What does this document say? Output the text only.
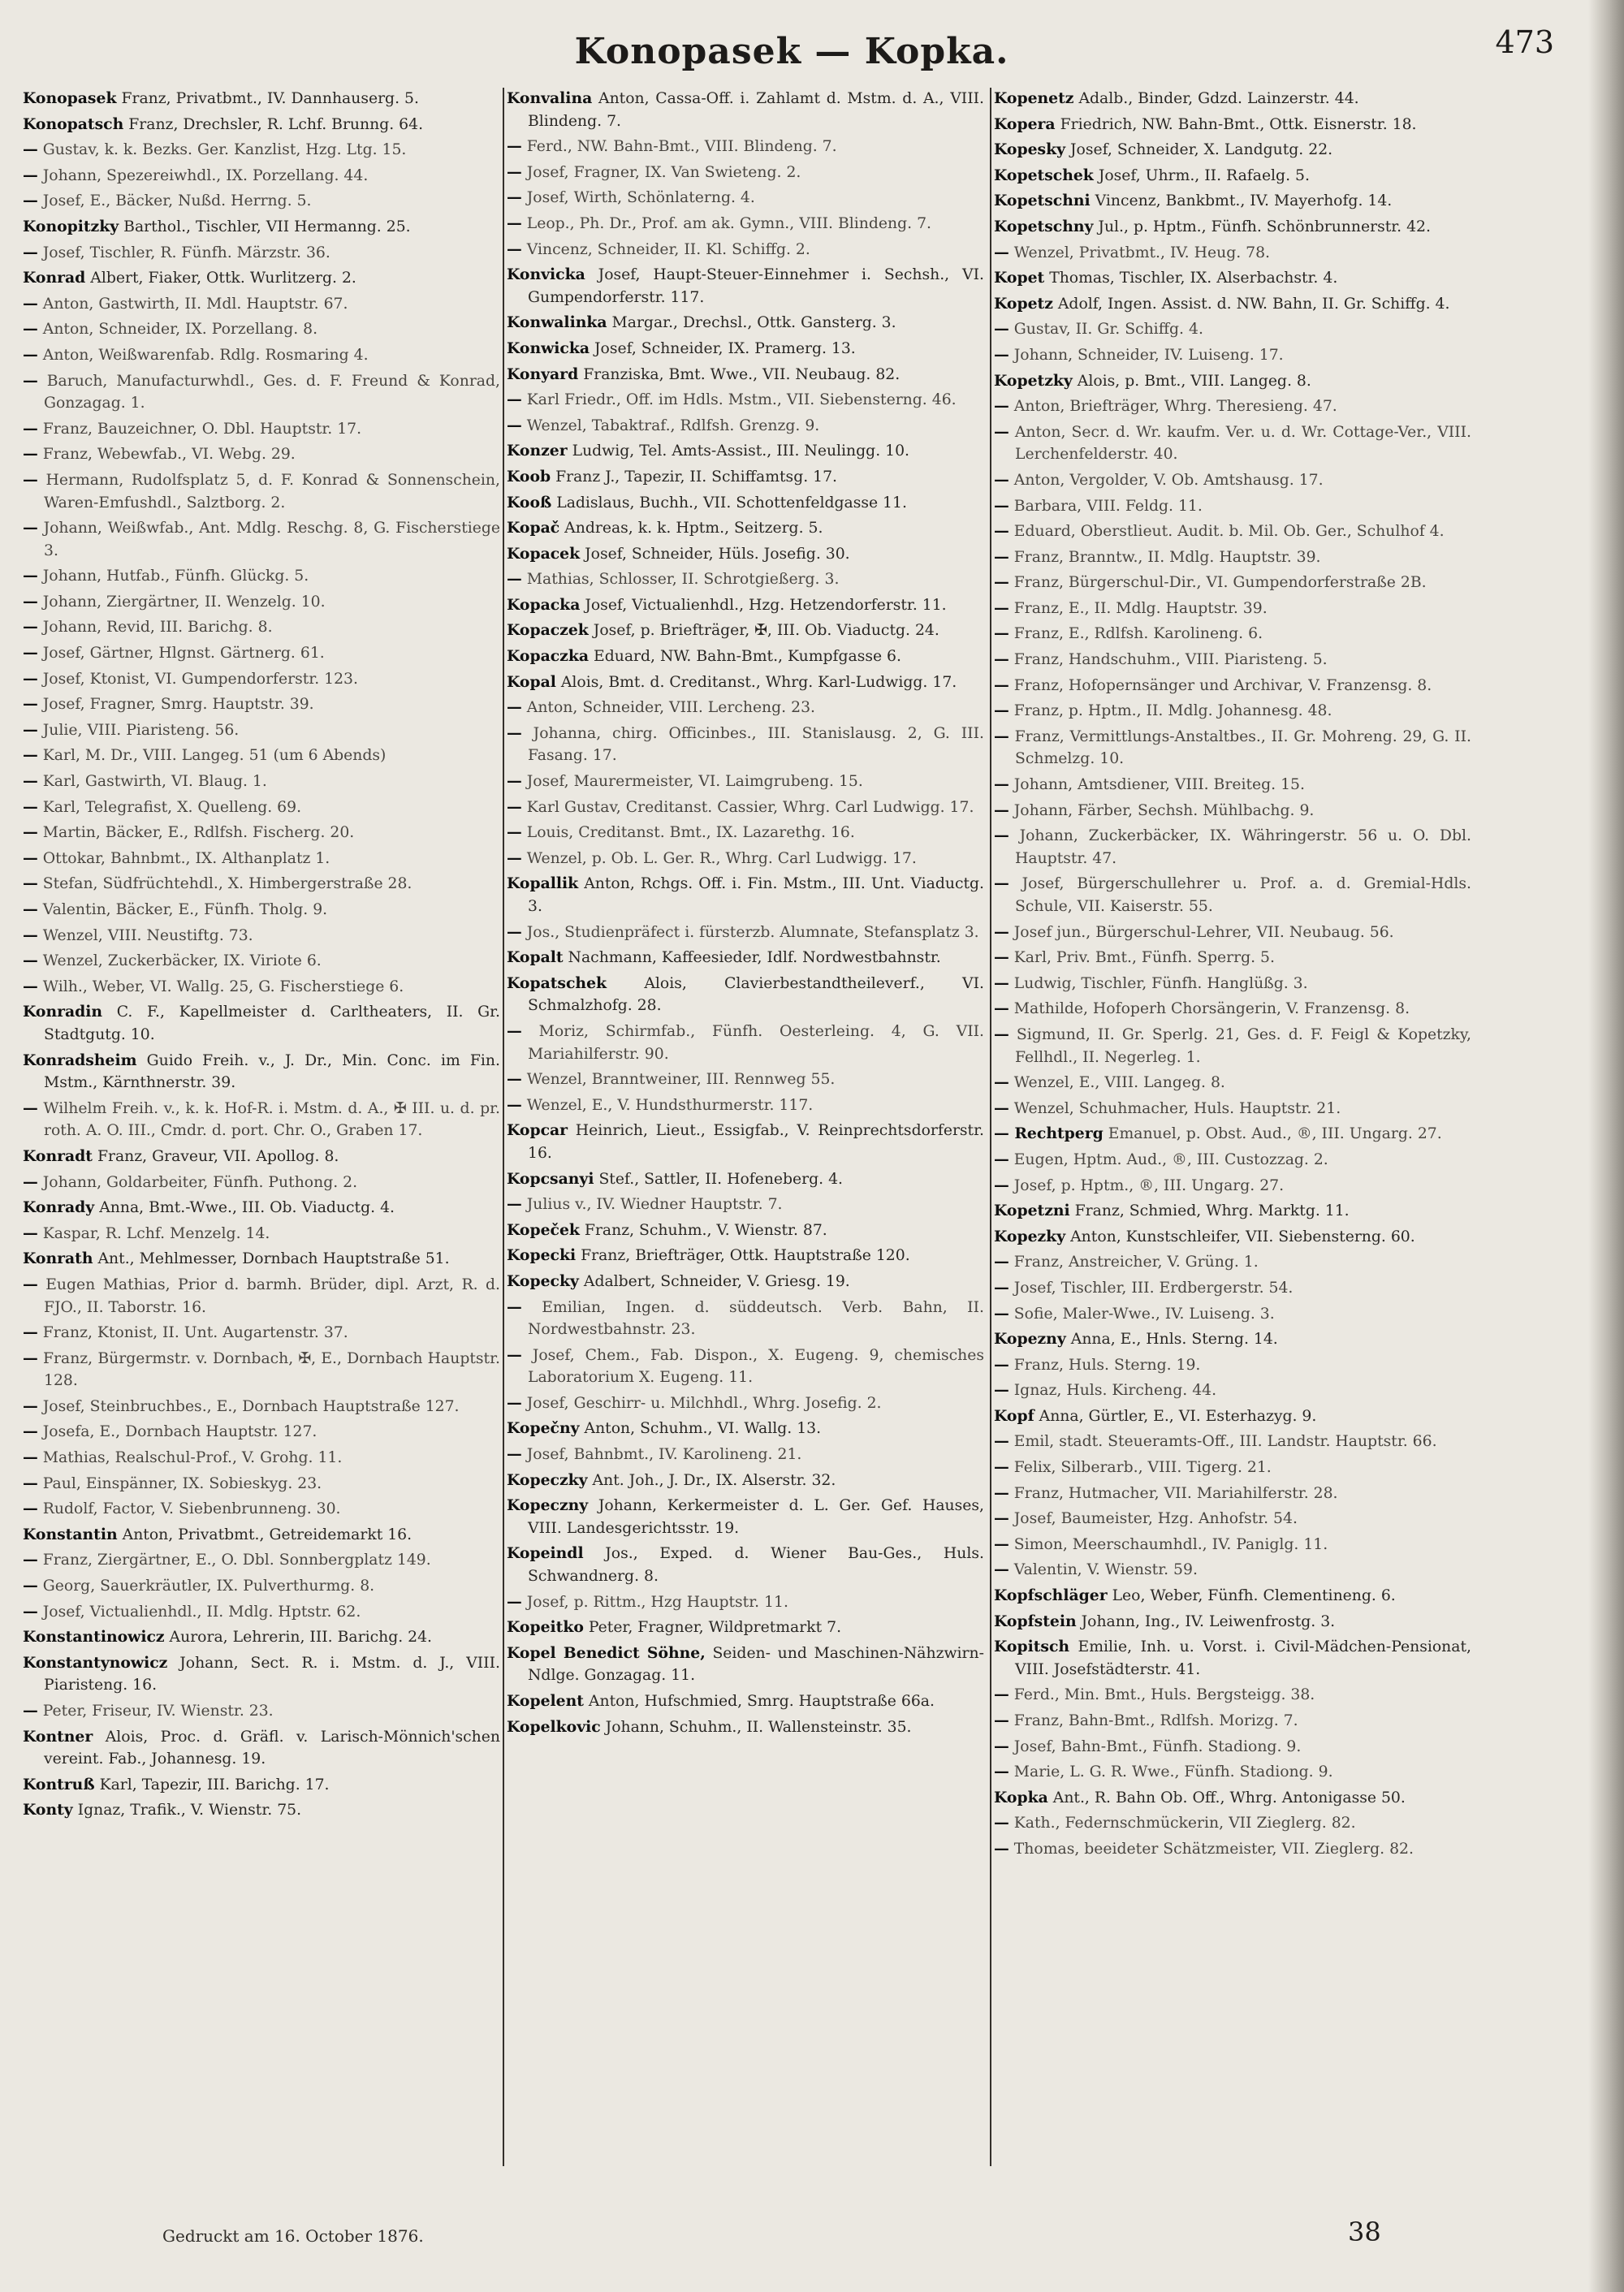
Konopasek — Kopka.	473
Konopasek Franz, Privatbmt., IV. Dannhauserg. 5.
Konopatsch Franz, Drechsler, R. Lchf. Brunng. 64.
— Gustav, k. k. Bezks. Ger. Kanzlist, Hzg. Ltg. 15.
— Johann, Spezereiwhdl., IX. Porzellang. 44.
— Josef, E., Bäcker, Nußd. Herrng. 5.
Konopitzky Barthol., Tischler, VII Hermanng. 25.
— Josef, Tischler, R. Fünfh. Märzstr. 36.
Konrad Albert, Fiaker, Ottk. Wurlitzerg. 2.
— Anton, Gastwirth, II. Mdl. Hauptstr. 67.
— Anton, Schneider, IX. Porzellang. 8.
— Anton, Weißwarenfab. Rdlg. Rosmaring 4.
— Baruch, Manufacturwhdl., Ges. d. F. Freund & Konrad, Gonzagag. 1.
— Franz, Bauzeichner, O. Dbl. Hauptstr. 17.
— Franz, Webewfab., VI. Webg. 29.
— Hermann, Rudolfsplatz 5, d. F. Konrad & Sonnenschein, Waren-Emfushdl., Salztborg. 2.
— Johann, Weißwfab., Ant. Mdlg. Reschg. 8, G. Fischerstiege 3.
— Johann, Hutfab., Fünfh. Glückg. 5.
— Johann, Ziergärtner, II. Wenzelg. 10.
— Johann, Revid, III. Barichg. 8.
— Josef, Gärtner, Hlgnst. Gärtnerg. 61.
— Josef, Ktonist, VI. Gumpendorferstr. 123.
— Josef, Fragner, Smrg. Hauptstr. 39.
— Julie, VIII. Piaristeng. 56.
— Karl, M. Dr., VIII. Langeg. 51 (um 6 Abends)
— Karl, Gastwirth, VI. Blaug. 1.
— Karl, Telegrafist, X. Quelleng. 69.
— Martin, Bäcker, E., Rdlfsh. Fischerg. 20.
— Ottokar, Bahnbmt., IX. Althanplatz 1.
— Stefan, Südfrüchtehdl., X. Himbergerstraße 28.
— Valentin, Bäcker, E., Fünfh. Tholg. 9.
— Wenzel, VIII. Neustiftg. 73.
— Wenzel, Zuckerbäcker, IX. Viriote 6.
— Wilh., Weber, VI. Wallg. 25, G. Fischerstiege 6.
Konradin C. F., Kapellmeister d. Carltheaters, II. Gr. Stadtgutg. 10.
Konradsheim Guido Freih. v., J. Dr., Min. Conc. im Fin. Mstm., Kärnthnerstr. 39.
— Wilhelm Freih. v., k. k. Hof-R. i. Mstm. d. A., ✠ III. u. d. pr. roth. A. O. III., Cmdr. d. port. Chr. O., Graben 17.
Konradt Franz, Graveur, VII. Apollog. 8.
— Johann, Goldarbeiter, Fünfh. Puthong. 2.
Konrady Anna, Bmt.-Wwe., III. Ob. Viaductg. 4.
— Kaspar, R. Lchf. Menzelg. 14.
Konrath Ant., Mehlmesser, Dornbach Hauptstraße 51.
— Eugen Mathias, Prior d. barmh. Brüder, dipl. Arzt, R. d. FJO., II. Taborstr. 16.
— Franz, Ktonist, II. Unt. Augartenstr. 37.
— Franz, Bürgermstr. v. Dornbach, ✠, E., Dornbach Hauptstr. 128.
— Josef, Steinbruchbes., E., Dornbach Hauptstraße 127.
— Josefa, E., Dornbach Hauptstr. 127.
— Mathias, Realschul-Prof., V. Grohg. 11.
— Paul, Einspänner, IX. Sobieskyg. 23.
— Rudolf, Factor, V. Siebenbrunneng. 30.
Konstantin Anton, Privatbmt., Getreidemarkt 16.
— Franz, Ziergärtner, E., O. Dbl. Sonnbergplatz 149.
— Georg, Sauerkräutler, IX. Pulverthurmg. 8.
— Josef, Victualienhdl., II. Mdlg. Hptstr. 62.
Konstantinowicz Aurora, Lehrerin, III. Barichg. 24.
Konstantynowicz Johann, Sect. R. i. Mstm. d. J., VIII. Piaristeng. 16.
— Peter, Friseur, IV. Wienstr. 23.
Kontner Alois, Proc. d. Gräfl. v. Larisch-Mönnich'schen vereint. Fab., Johannesg. 19.
Kontruß Karl, Tapezir, III. Barichg. 17.
Konty Ignaz, Trafik., V. Wienstr. 75.
Konvalina Anton, Cassa-Off. i. Zahlamt d. Mstm. d. A., VIII. Blindeng. 7.
— Ferd., NW. Bahn-Bmt., VIII. Blindeng. 7.
— Josef, Fragner, IX. Van Swieteng. 2.
— Josef, Wirth, Schönlaterng. 4.
— Leop., Ph. Dr., Prof. am ak. Gymn., VIII. Blindeng. 7.
— Vincenz, Schneider, II. Kl. Schiffg. 2.
Konvicka Josef, Haupt-Steuer-Einnehmer i. Sechsh., VI. Gumpendorferstr. 117.
Konwalinka Margar., Drechsl., Ottk. Gansterg. 3.
Konwicka Josef, Schneider, IX. Pramerg. 13.
Konyard Franziska, Bmt. Wwe., VII. Neubaug. 82.
— Karl Friedr., Off. im Hdls. Mstm., VII. Siebensterng. 46.
— Wenzel, Tabaktraf., Rdlfsh. Grenzg. 9.
Konzer Ludwig, Tel. Amts-Assist., III. Neulingg. 10.
Koob Franz J., Tapezir, II. Schiffamtsg. 17.
Kooß Ladislaus, Buchh., VII. Schottenfeldgasse 11.
Kopač Andreas, k. k. Hptm., Seitzerg. 5.
Kopacek Josef, Schneider, Hüls. Josefig. 30.
— Mathias, Schlosser, II. Schrotgießerg. 3.
Kopacka Josef, Victualienhdl., Hzg. Hetzendorferstr. 11.
Kopaczek Josef, p. Briefträger, ✠, III. Ob. Viaductg. 24.
Kopaczka Eduard, NW. Bahn-Bmt., Kumpfgasse 6.
Kopal Alois, Bmt. d. Creditanst., Whrg. Karl-Ludwigg. 17.
— Anton, Schneider, VIII. Lercheng. 23.
— Johanna, chirg. Officinbes., III. Stanislausg. 2, G. III. Fasang. 17.
— Josef, Maurermeister, VI. Laimgrubeng. 15.
— Karl Gustav, Creditanst. Cassier, Whrg. Carl Ludwigg. 17.
— Louis, Creditanst. Bmt., IX. Lazarethg. 16.
— Wenzel, p. Ob. L. Ger. R., Whrg. Carl Ludwigg. 17.
Kopallik Anton, Rchgs. Off. i. Fin. Mstm., III. Unt. Viaductg. 3.
— Jos., Studienpräfect i. fürsterzb. Alumnate, Stefansplatz 3.
Kopalt Nachmann, Kaffeesieder, Idlf. Nordwestbahnstr.
Kopatschek Alois, Clavierbestandtheileverf., VI. Schmalzhofg. 28.
— Moriz, Schirmfab., Fünfh. Oesterleing. 4, G. VII. Mariahilferstr. 90.
— Wenzel, Branntweiner, III. Rennweg 55.
— Wenzel, E., V. Hundsthurmerstr. 117.
Kopcar Heinrich, Lieut., Essigfab., V. Reinprechtsdorferstr. 16.
Kopcsanyi Stef., Sattler, II. Hofeneberg. 4.
— Julius v., IV. Wiedner Hauptstr. 7.
Kopeček Franz, Schuhm., V. Wienstr. 87.
Kopecki Franz, Briefträger, Ottk. Hauptstraße 120.
Kopecky Adalbert, Schneider, V. Griesg. 19.
— Emilian, Ingen. d. süddeutsch. Verb. Bahn, II. Nordwestbahnstr. 23.
— Josef, Chem., Fab. Dispon., X. Eugeng. 9, chemisches Laboratorium X. Eugeng. 11.
— Josef, Geschirr- u. Milchhdl., Whrg. Josefig. 2.
Kopečny Anton, Schuhm., VI. Wallg. 13.
— Josef, Bahnbmt., IV. Karolineng. 21.
Kopeczky Ant. Joh., J. Dr., IX. Alserstr. 32.
Kopeczny Johann, Kerkermeister d. L. Ger. Gef. Hauses, VIII. Landesgerichtsstr. 19.
Kopeindl Jos., Exped. d. Wiener Bau-Ges., Huls. Schwandnerg. 8.
— Josef, p. Rittm., Hzg Hauptstr. 11.
Kopeitko Peter, Fragner, Wildpretmarkt 7.
Kopel Benedict Söhne, Seiden- und Maschinen-Nähzwirn-Ndlge. Gonzagag. 11.
Kopelent Anton, Hufschmied, Smrg. Hauptstraße 66a.
Kopelkovic Johann, Schuhm., II. Wallensteinstr. 35.
Kopenetz Adalb., Binder, Gdzd. Lainzerstr. 44.
Kopera Friedrich, NW. Bahn-Bmt., Ottk. Eisnerstr. 18.
Kopesky Josef, Schneider, X. Landgutg. 22.
Kopetschek Josef, Uhrm., II. Rafaelg. 5.
Kopetschni Vincenz, Bankbmt., IV. Mayerhofg. 14.
Kopetschny Jul., p. Hptm., Fünfh. Schönbrunnerstr. 42.
— Wenzel, Privatbmt., IV. Heug. 78.
Kopet Thomas, Tischler, IX. Alserbachstr. 4.
Kopetz Adolf, Ingen. Assist. d. NW. Bahn, II. Gr. Schiffg. 4.
— Gustav, II. Gr. Schiffg. 4.
— Johann, Schneider, IV. Luiseng. 17.
Kopetzky Alois, p. Bmt., VIII. Langeg. 8.
— Anton, Briefträger, Whrg. Theresieng. 47.
— Anton, Secr. d. Wr. kaufm. Ver. u. d. Wr. Cottage-Ver., VIII. Lerchenfelderstr. 40.
— Anton, Vergolder, V. Ob. Amtshausg. 17.
— Barbara, VIII. Feldg. 11.
— Eduard, Oberstlieut. Audit. b. Mil. Ob. Ger., Schulhof 4.
— Franz, Branntw., II. Mdlg. Hauptstr. 39.
— Franz, Bürgerschul-Dir., VI. Gumpendorferstraße 2B.
— Franz, E., II. Mdlg. Hauptstr. 39.
— Franz, E., Rdlfsh. Karolineng. 6.
— Franz, Handschuhm., VIII. Piaristeng. 5.
— Franz, Hofopernsänger und Archivar, V. Franzensg. 8.
— Franz, p. Hptm., II. Mdlg. Johannesg. 48.
— Franz, Vermittlungs-Anstaltbes., II. Gr. Mohreng. 29, G. II. Schmelzg. 10.
— Johann, Amtsdiener, VIII. Breiteg. 15.
— Johann, Färber, Sechsh. Mühlbachg. 9.
— Johann, Zuckerbäcker, IX. Währingerstr. 56 u. O. Dbl. Hauptstr. 47.
— Josef, Bürgerschullehrer u. Prof. a. d. Gremial-Hdls. Schule, VII. Kaiserstr. 55.
— Josef jun., Bürgerschul-Lehrer, VII. Neubaug. 56.
— Karl, Priv. Bmt., Fünfh. Sperrg. 5.
— Ludwig, Tischler, Fünfh. Hanglüßg. 3.
— Mathilde, Hofoperh Chorsängerin, V. Franzensg. 8.
— Sigmund, II. Gr. Sperlg. 21, Ges. d. F. Feigl & Kopetzky, Fellhdl., II. Negerleg. 1.
— Wenzel, E., VIII. Langeg. 8.
— Wenzel, Schuhmacher, Huls. Hauptstr. 21.
— Rechtperg Emanuel, p. Obst. Aud., ®, III. Ungarg. 27.
— Eugen, Hptm. Aud., ®, III. Custozzag. 2.
— Josef, p. Hptm., ®, III. Ungarg. 27.
Kopetzni Franz, Schmied, Whrg. Marktg. 11.
Kopezky Anton, Kunstschleifer, VII. Siebensterng. 60.
— Franz, Anstreicher, V. Grüng. 1.
— Josef, Tischler, III. Erdbergerstr. 54.
— Sofie, Maler-Wwe., IV. Luiseng. 3.
Kopezny Anna, E., Hnls. Sterng. 14.
— Franz, Huls. Sterng. 19.
— Ignaz, Huls. Kircheng. 44.
Kopf Anna, Gürtler, E., VI. Esterhazyg. 9.
— Emil, stadt. Steueramts-Off., III. Landstr. Hauptstr. 66.
— Felix, Silberarb., VIII. Tigerg. 21.
— Franz, Hutmacher, VII. Mariahilferstr. 28.
— Josef, Baumeister, Hzg. Anhofstr. 54.
— Simon, Meerschaumhdl., IV. Paniglg. 11.
— Valentin, V. Wienstr. 59.
Kopfschläger Leo, Weber, Fünfh. Clementineng. 6.
Kopfstein Johann, Ing., IV. Leiwenfrostg. 3.
Kopitsch Emilie, Inh. u. Vorst. i. Civil-Mädchen-Pensionat, VIII. Josefstädterstr. 41.
— Ferd., Min. Bmt., Huls. Bergsteigg. 38.
— Franz, Bahn-Bmt., Rdlfsh. Morizg. 7.
— Josef, Bahn-Bmt., Fünfh. Stadiong. 9.
— Marie, L. G. R. Wwe., Fünfh. Stadiong. 9.
Kopka Ant., R. Bahn Ob. Off., Whrg. Antonigasse 50.
— Kath., Federnschmückerin, VII Zieglerg. 82.
— Thomas, beeideter Schätzmeister, VII. Zieglerg. 82.
Gedruckt am 16. October 1876.	38
